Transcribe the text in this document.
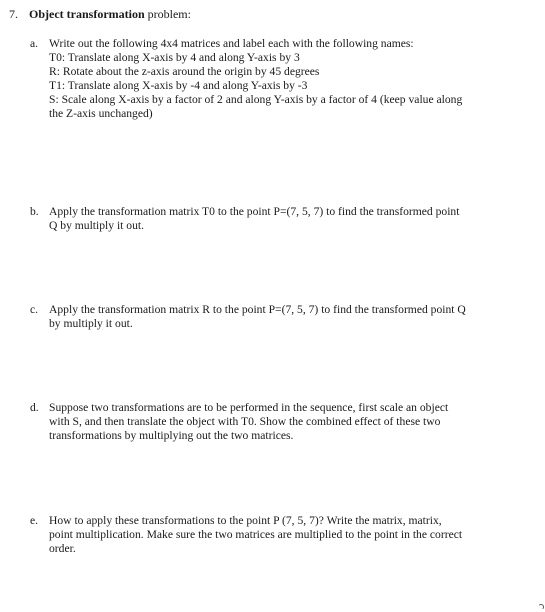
7. Object transformation problem:
a. Write out the following 4x4 matrices and label each with the following names:
T0: Translate along X-axis by 4 and along Y-axis by 3
R: Rotate about the z-axis around the origin by 45 degrees
T1: Translate along X-axis by -4 and along Y-axis by -3
S: Scale along X-axis by a factor of 2 and along Y-axis by a factor of 4 (keep value along
the Z-axis unchanged)
b. Apply the transformation matrix T0 to the point P=(7, 5, 7) to find the transformed point
Q by multiply it out.
c. Apply the transformation matrix R to the point P=(7, 5, 7) to find the transformed point Q
by multiply it out.
d. Suppose two transformations are to be performed in the sequence, first scale an object
with S, and then translate the object with T0. Show the combined effect of these two
transformations by multiplying out the two matrices.
e. How to apply these transformations to the point P (7, 5, 7)? Write the matrix, matrix,
point multiplication. Make sure the two matrices are multiplied to the point in the correct
order.
